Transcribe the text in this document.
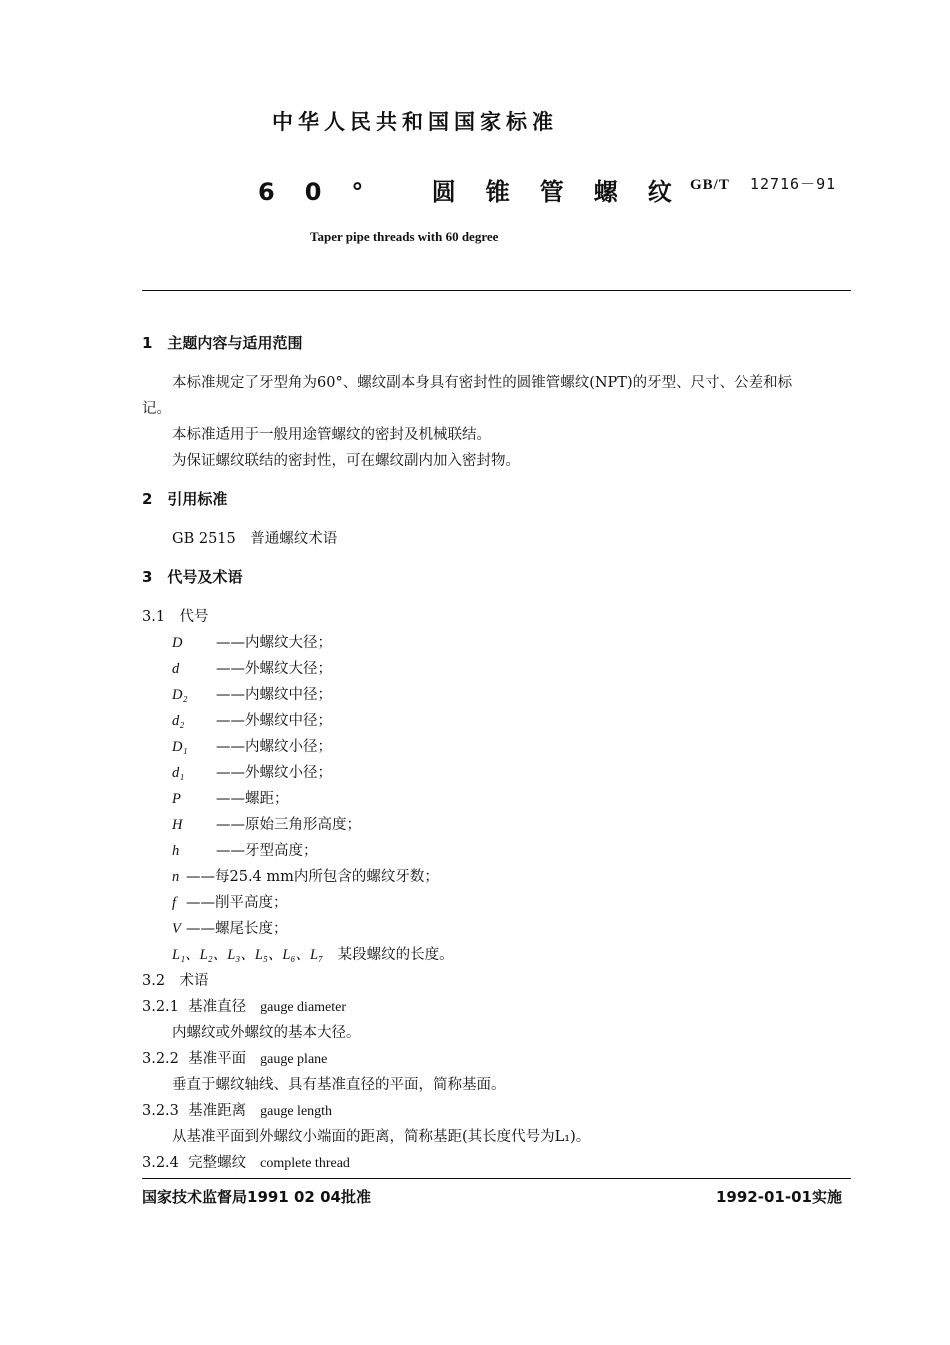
中华人民共和国国家标准
60° 圆锥管螺纹
GB/T 12716－91
Taper pipe threads with 60 degree
1　主题内容与适用范围
本标准规定了牙型角为60°、螺纹副本身具有密封性的圆锥管螺纹(NPT)的牙型、尺寸、公差和标
记。
本标准适用于一般用途管螺纹的密封及机械联结。
为保证螺纹联结的密封性，可在螺纹副内加入密封物。
2　引用标准
GB 2515　普通螺纹术语
3　代号及术语
3.1　代号
D ——内螺纹大径；
d	——外螺纹大径；
D₂ ——内螺纹中径；
d₂ ——外螺纹中径；
D₁ ——内螺纹小径；
d₁ ——外螺纹小径；
P ——螺距；
H ——原始三角形高度；
h	——牙型高度；
n ——每25.4 mm内所包含的螺纹牙数；
f ——削平高度；
V ——螺尾长度；
L₁、L₂、L₃、L₅、L₆、L₇　某段螺纹的长度。
3.2　术语
3.2.1 基准直径 gauge diameter
内螺纹或外螺纹的基本大径。
3.2.2 基准平面 gauge plane
垂直于螺纹轴线、具有基准直径的平面，简称基面。
3.2.3 基准距离 gauge length
从基准平面到外螺纹小端面的距离，简称基距(其长度代号为L₁)。
3.2.4 完整螺纹 complete thread
国家技术监督局1991 02 04批准	1992-01-01实施
